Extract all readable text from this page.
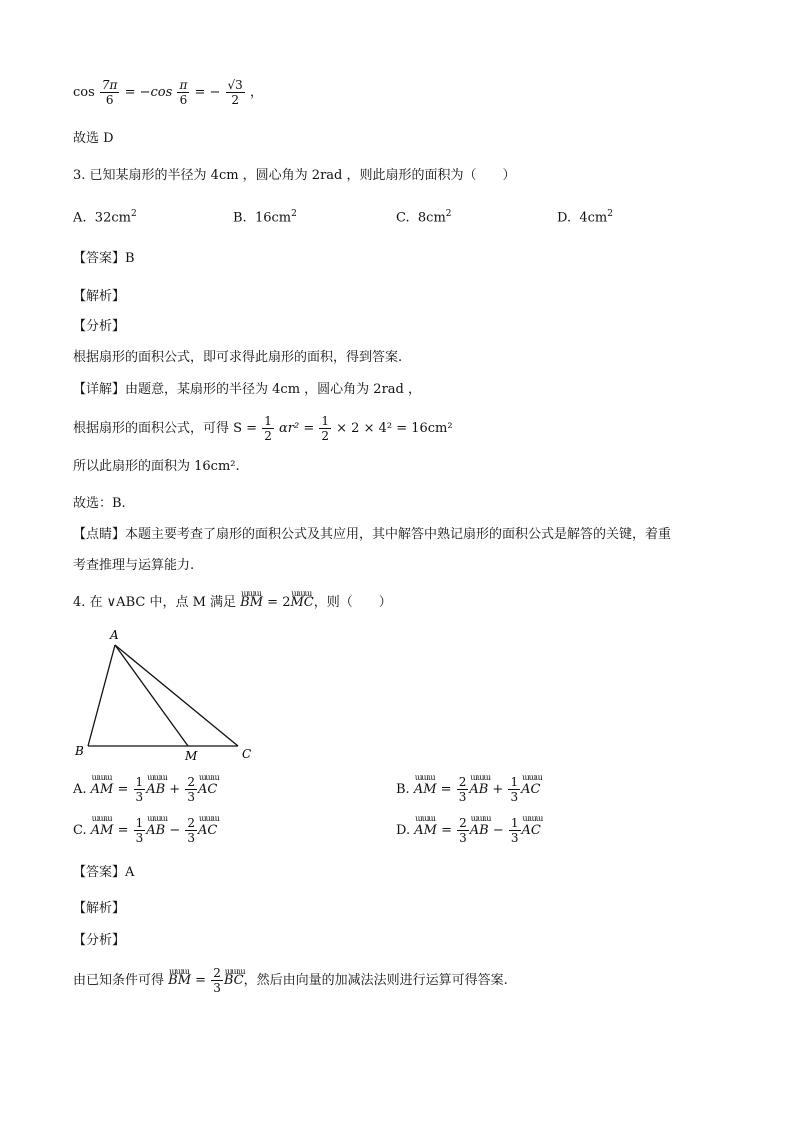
$\cos \frac{7\pi}{6} = -\cos \frac{\pi}{6}$ = − $\frac{√3}{2}$ ，
故选 D
3. 已知某扇形的半径为 4cm ，圆心角为 2rad ，则此扇形的面积为（　　）
A. $32cm^2$	B. $16cm^2$	C. $8cm^2$	D. $4cm^2$
【答案】B
【解析】
【分析】
根据扇形的面积公式，即可求得此扇形的面积，得到答案.
【详解】由题意，某扇形的半径为 4cm ，圆心角为 2rad ，
根据扇形的面积公式，可得 $S = \frac{1}{2} \alpha r^2 = \frac{1}{2} \times 2 \times 4^2 = 16cm^2$
所以此扇形的面积为 16cm².
故选：B.
【点睛】本题主要考查了扇形的面积公式及其应用，其中解答中熟记扇形的面积公式是解答的关键，着重
考查推理与运算能力.
4. 在 ∨ABC 中，点 M 满足 ɯɯɯ BM = 2ɯɯɯ MC，则（　　）
A
B	M	C
A. ɯɯɯ AM = $\frac{1}{3}$ ɯɯɯ AB + $\frac{2}{3}$ ɯɯɯ AC	B. ɯɯɯ AM = $\frac{2}{3}$ ɯɯɯ AB + $\frac{1}{3}$ ɯɯɯ AC
C. ɯɯɯ AM = $\frac{1}{3}$ ɯɯɯ AB − $\frac{2}{3}$ ɯɯɯ AC	D. ɯɯɯ AM = $\frac{2}{3}$ ɯɯɯ AB − $\frac{1}{3}$ ɯɯɯ AC
【答案】A
【解析】
【分析】
由已知条件可得 ɯɯɯ BM = $\frac{2}{3}$ ɯɯɯ BC，然后由向量的加减法法则进行运算可得答案.
